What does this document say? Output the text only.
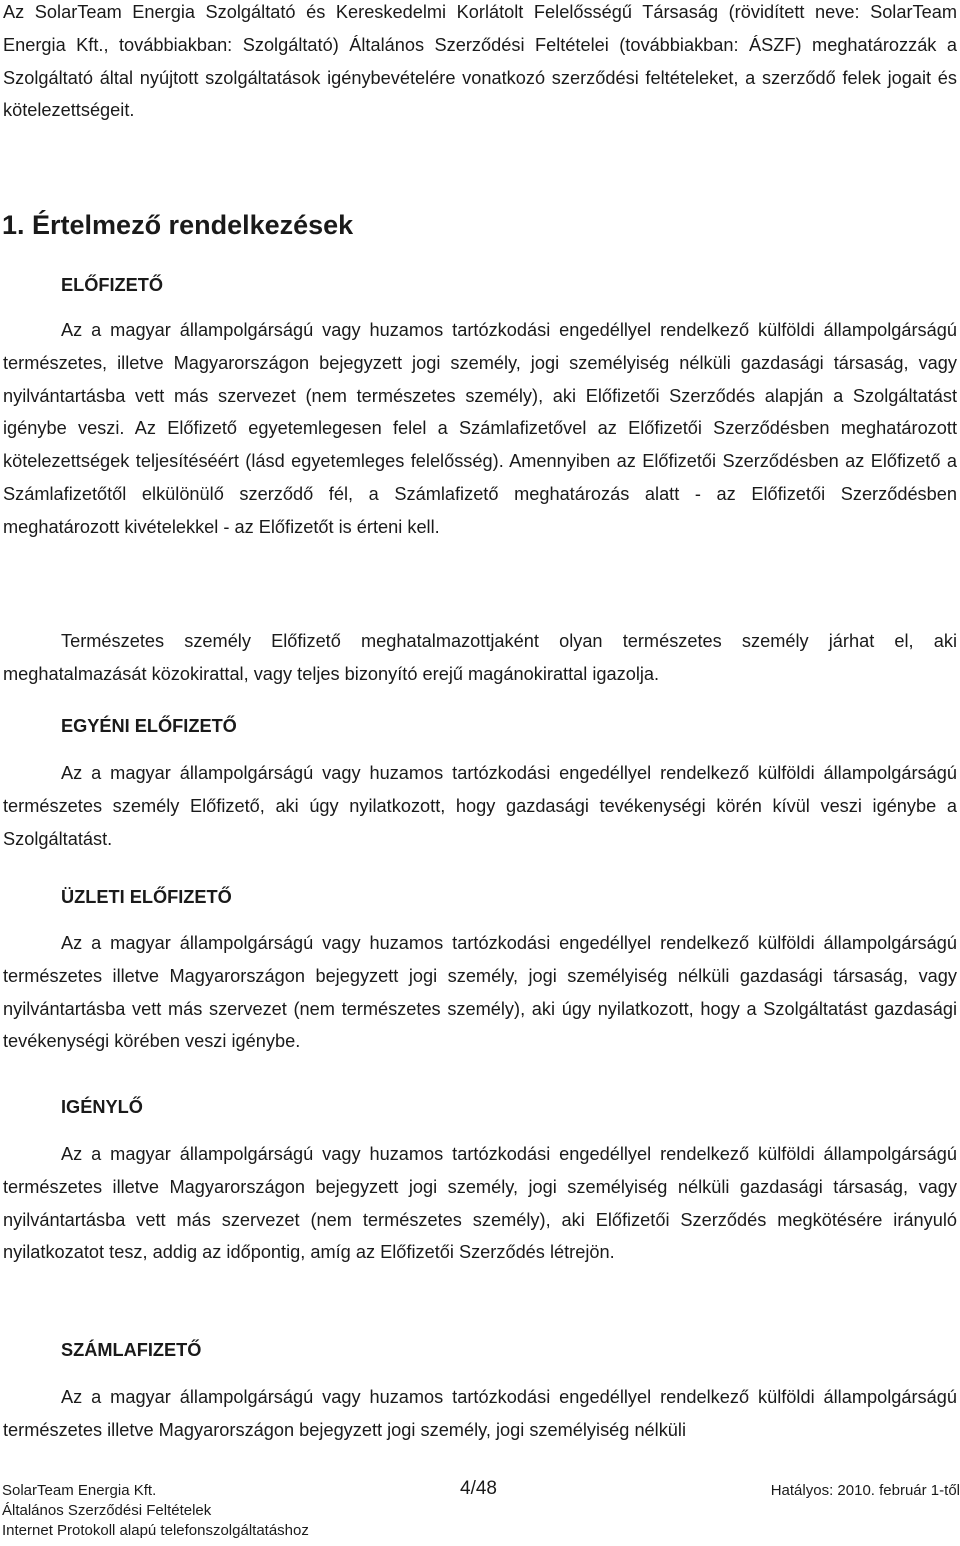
Az SolarTeam Energia Szolgáltató és Kereskedelmi Korlátolt Felelősségű Társaság (rövidített neve: SolarTeam Energia Kft., továbbiakban: Szolgáltató) Általános Szerződési Feltételei (továbbiakban: ÁSZF) meghatározzák a Szolgáltató által nyújtott szolgáltatások igénybevételére vonatkozó szerződési feltételeket, a szerződő felek jogait és kötelezettségeit.

1. Értelmező rendelkezések
ELŐFIZETŐ

Az a magyar állampolgárságú vagy huzamos tartózkodási engedéllyel rendelkező külföldi állampolgárságú természetes, illetve Magyarországon bejegyzett jogi személy, jogi személyiség nélküli gazdasági társaság, vagy nyilvántartásba vett más szervezet (nem természetes személy), aki Előfizetői Szerződés alapján a Szolgáltatást igénybe veszi. Az Előfizető egyetemlegesen felel a Számlafizetővel az Előfizetői Szerződésben meghatározott kötelezettségek teljesítéséért (lásd egyetemleges felelősség). Amennyiben az Előfizetői Szerződésben az Előfizető a Számlafizetőtől elkülönülő szerződő fél, a Számlafizető meghatározás alatt - az Előfizetői Szerződésben meghatározott kivételekkel - az Előfizetőt is érteni kell.

Természetes személy Előfizető meghatalmazottjaként olyan természetes személy járhat el, aki meghatalmazását közokirattal, vagy teljes bizonyító erejű magánokirattal igazolja.

EGYÉNI ELŐFIZETŐ

Az a magyar állampolgárságú vagy huzamos tartózkodási engedéllyel rendelkező külföldi állampolgárságú természetes személy Előfizető, aki úgy nyilatkozott, hogy gazdasági tevékenységi körén kívül veszi igénybe a Szolgáltatást.

ÜZLETI ELŐFIZETŐ

Az a magyar állampolgárságú vagy huzamos tartózkodási engedéllyel rendelkező külföldi állampolgárságú természetes illetve Magyarországon bejegyzett jogi személy, jogi személyiség nélküli gazdasági társaság, vagy nyilvántartásba vett más szervezet (nem természetes személy), aki úgy nyilatkozott, hogy a Szolgáltatást gazdasági tevékenységi körében veszi igénybe.

IGÉNYLŐ

Az a magyar állampolgárságú vagy huzamos tartózkodási engedéllyel rendelkező külföldi állampolgárságú természetes illetve Magyarországon bejegyzett jogi személy, jogi személyiség nélküli gazdasági társaság, vagy nyilvántartásba vett más szervezet (nem természetes személy), aki Előfizetői Szerződés megkötésére irányuló nyilatkozatot tesz, addig az időpontig, amíg az Előfizetői Szerződés létrejön.

SZÁMLAFIZETŐ

Az a magyar állampolgárságú vagy huzamos tartózkodási engedéllyel rendelkező külföldi állampolgárságú természetes illetve Magyarországon bejegyzett jogi személy, jogi személyiség nélküli

SolarTeam Energia Kft.	4/48	Hatályos: 2010. február 1-től
Általános Szerződési Feltételek
Internet Protokoll alapú telefonszolgáltatáshoz
